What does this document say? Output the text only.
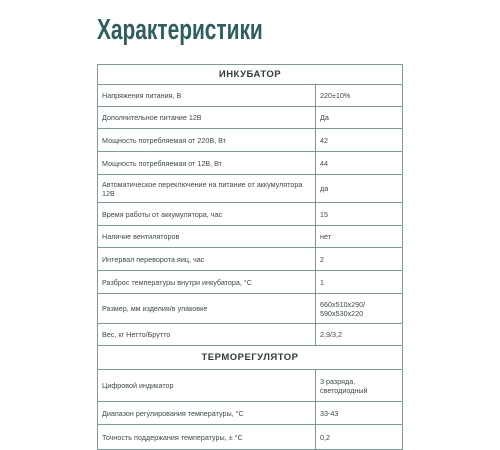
Характеристики
ИНКУБАТОР	
Напряжения питания, В	220±10%
Дополнительное питание 12В	Да
Мощность потребляемая от 220В, Вт	42
Мощность потребляемая от 12В, Вт	44
Автоматическое переключение на питание от аккумулятора 12В	да
Время работы от аккумулятора, час	15
Наличие вентиляторов	нет
Интервал переворота яиц, час	2
Разброс температуры внутри инкубатора, °С	1
Размер, мм изделия/в упаковке	660х510х290/ 590х530х220
Вес, кг Нетто/Брутто	2,9/3,2
ТЕРМОРЕГУЛЯТОР	
Цифровой индикатор	3 разряда, светодиодный
Диапазон регулирования температуры, °С	33-43
Точность поддержания температуры, ± °С	0,2
